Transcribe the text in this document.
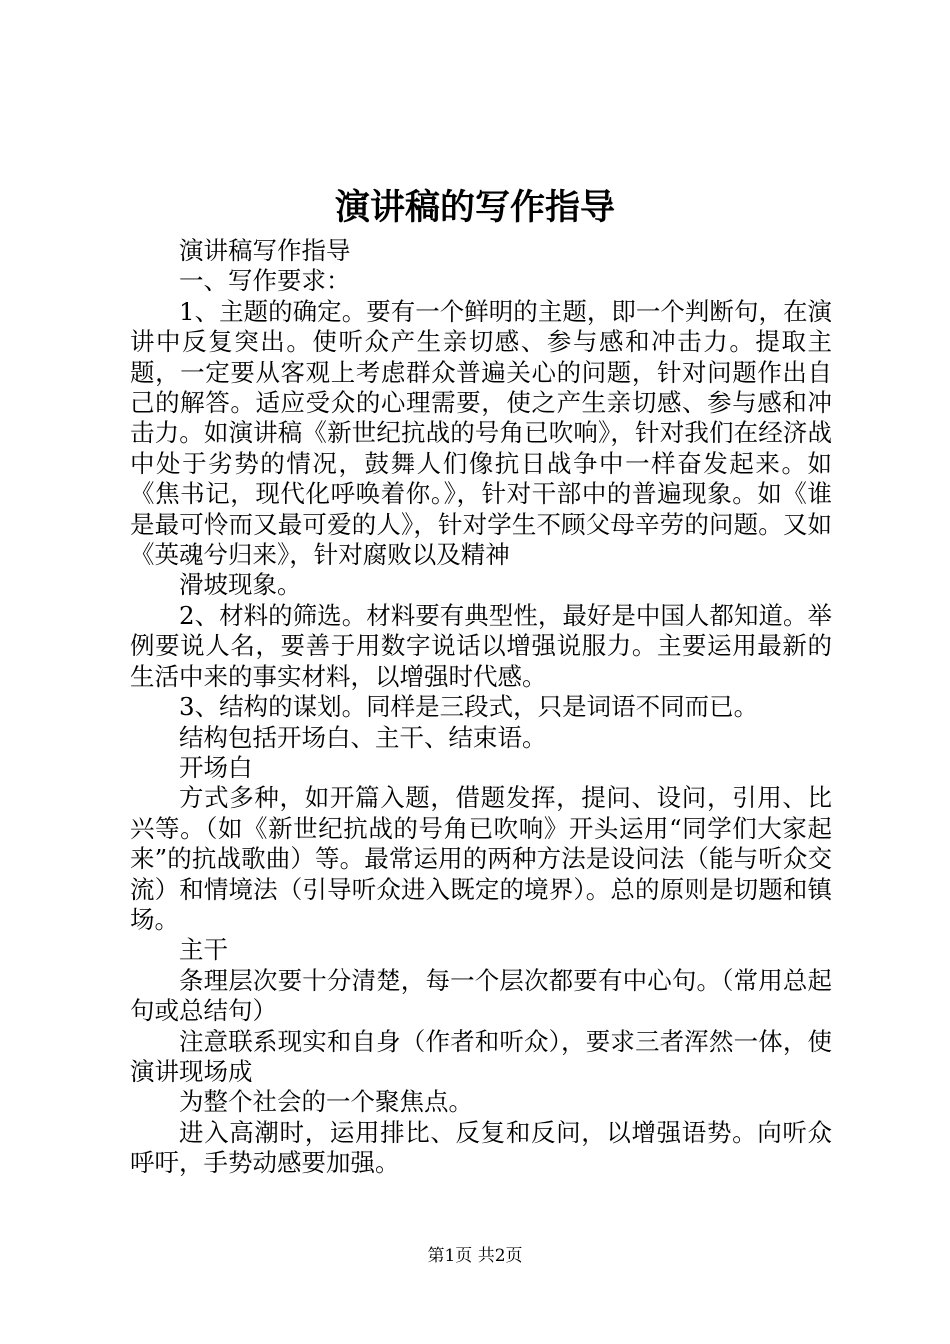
演讲稿的写作指导

演讲稿写作指导

一、写作要求：

1、主题的确定。要有一个鲜明的主题，即一个判断句，在演讲中反复突出。使听众产生亲切感、参与感和冲击力。提取主题，一定要从客观上考虑群众普遍关心的问题，针对问题作出自己的解答。适应受众的心理需要，使之产生亲切感、参与感和冲击力。如演讲稿《新世纪抗战的号角已吹响》，针对我们在经济战中处于劣势的情况，鼓舞人们像抗日战争中一样奋发起来。如《焦书记，现代化呼唤着你。》，针对干部中的普遍现象。如《谁是最可怜而又最可爱的人》，针对学生不顾父母辛劳的问题。又如《英魂兮归来》，针对腐败以及精神

滑坡现象。

2、材料的筛选。材料要有典型性，最好是中国人都知道。举例要说人名，要善于用数字说话以增强说服力。主要运用最新的生活中来的事实材料，以增强时代感。

3、结构的谋划。同样是三段式，只是词语不同而已。

结构包括开场白、主干、结束语。

开场白

方式多种，如开篇入题，借题发挥，提问、设问，引用、比兴等。（如《新世纪抗战的号角已吹响》开头运用“同学们大家起来”的抗战歌曲）等。最常运用的两种方法是设问法（能与听众交流）和情境法（引导听众进入既定的境界）。总的原则是切题和镇场。

主干

条理层次要十分清楚，每一个层次都要有中心句。（常用总起句或总结句）

注意联系现实和自身（作者和听众），要求三者浑然一体，使演讲现场成

为整个社会的一个聚焦点。

进入高潮时，运用排比、反复和反问，以增强语势。向听众呼吁，手势动感要加强。

第1页 共2页
